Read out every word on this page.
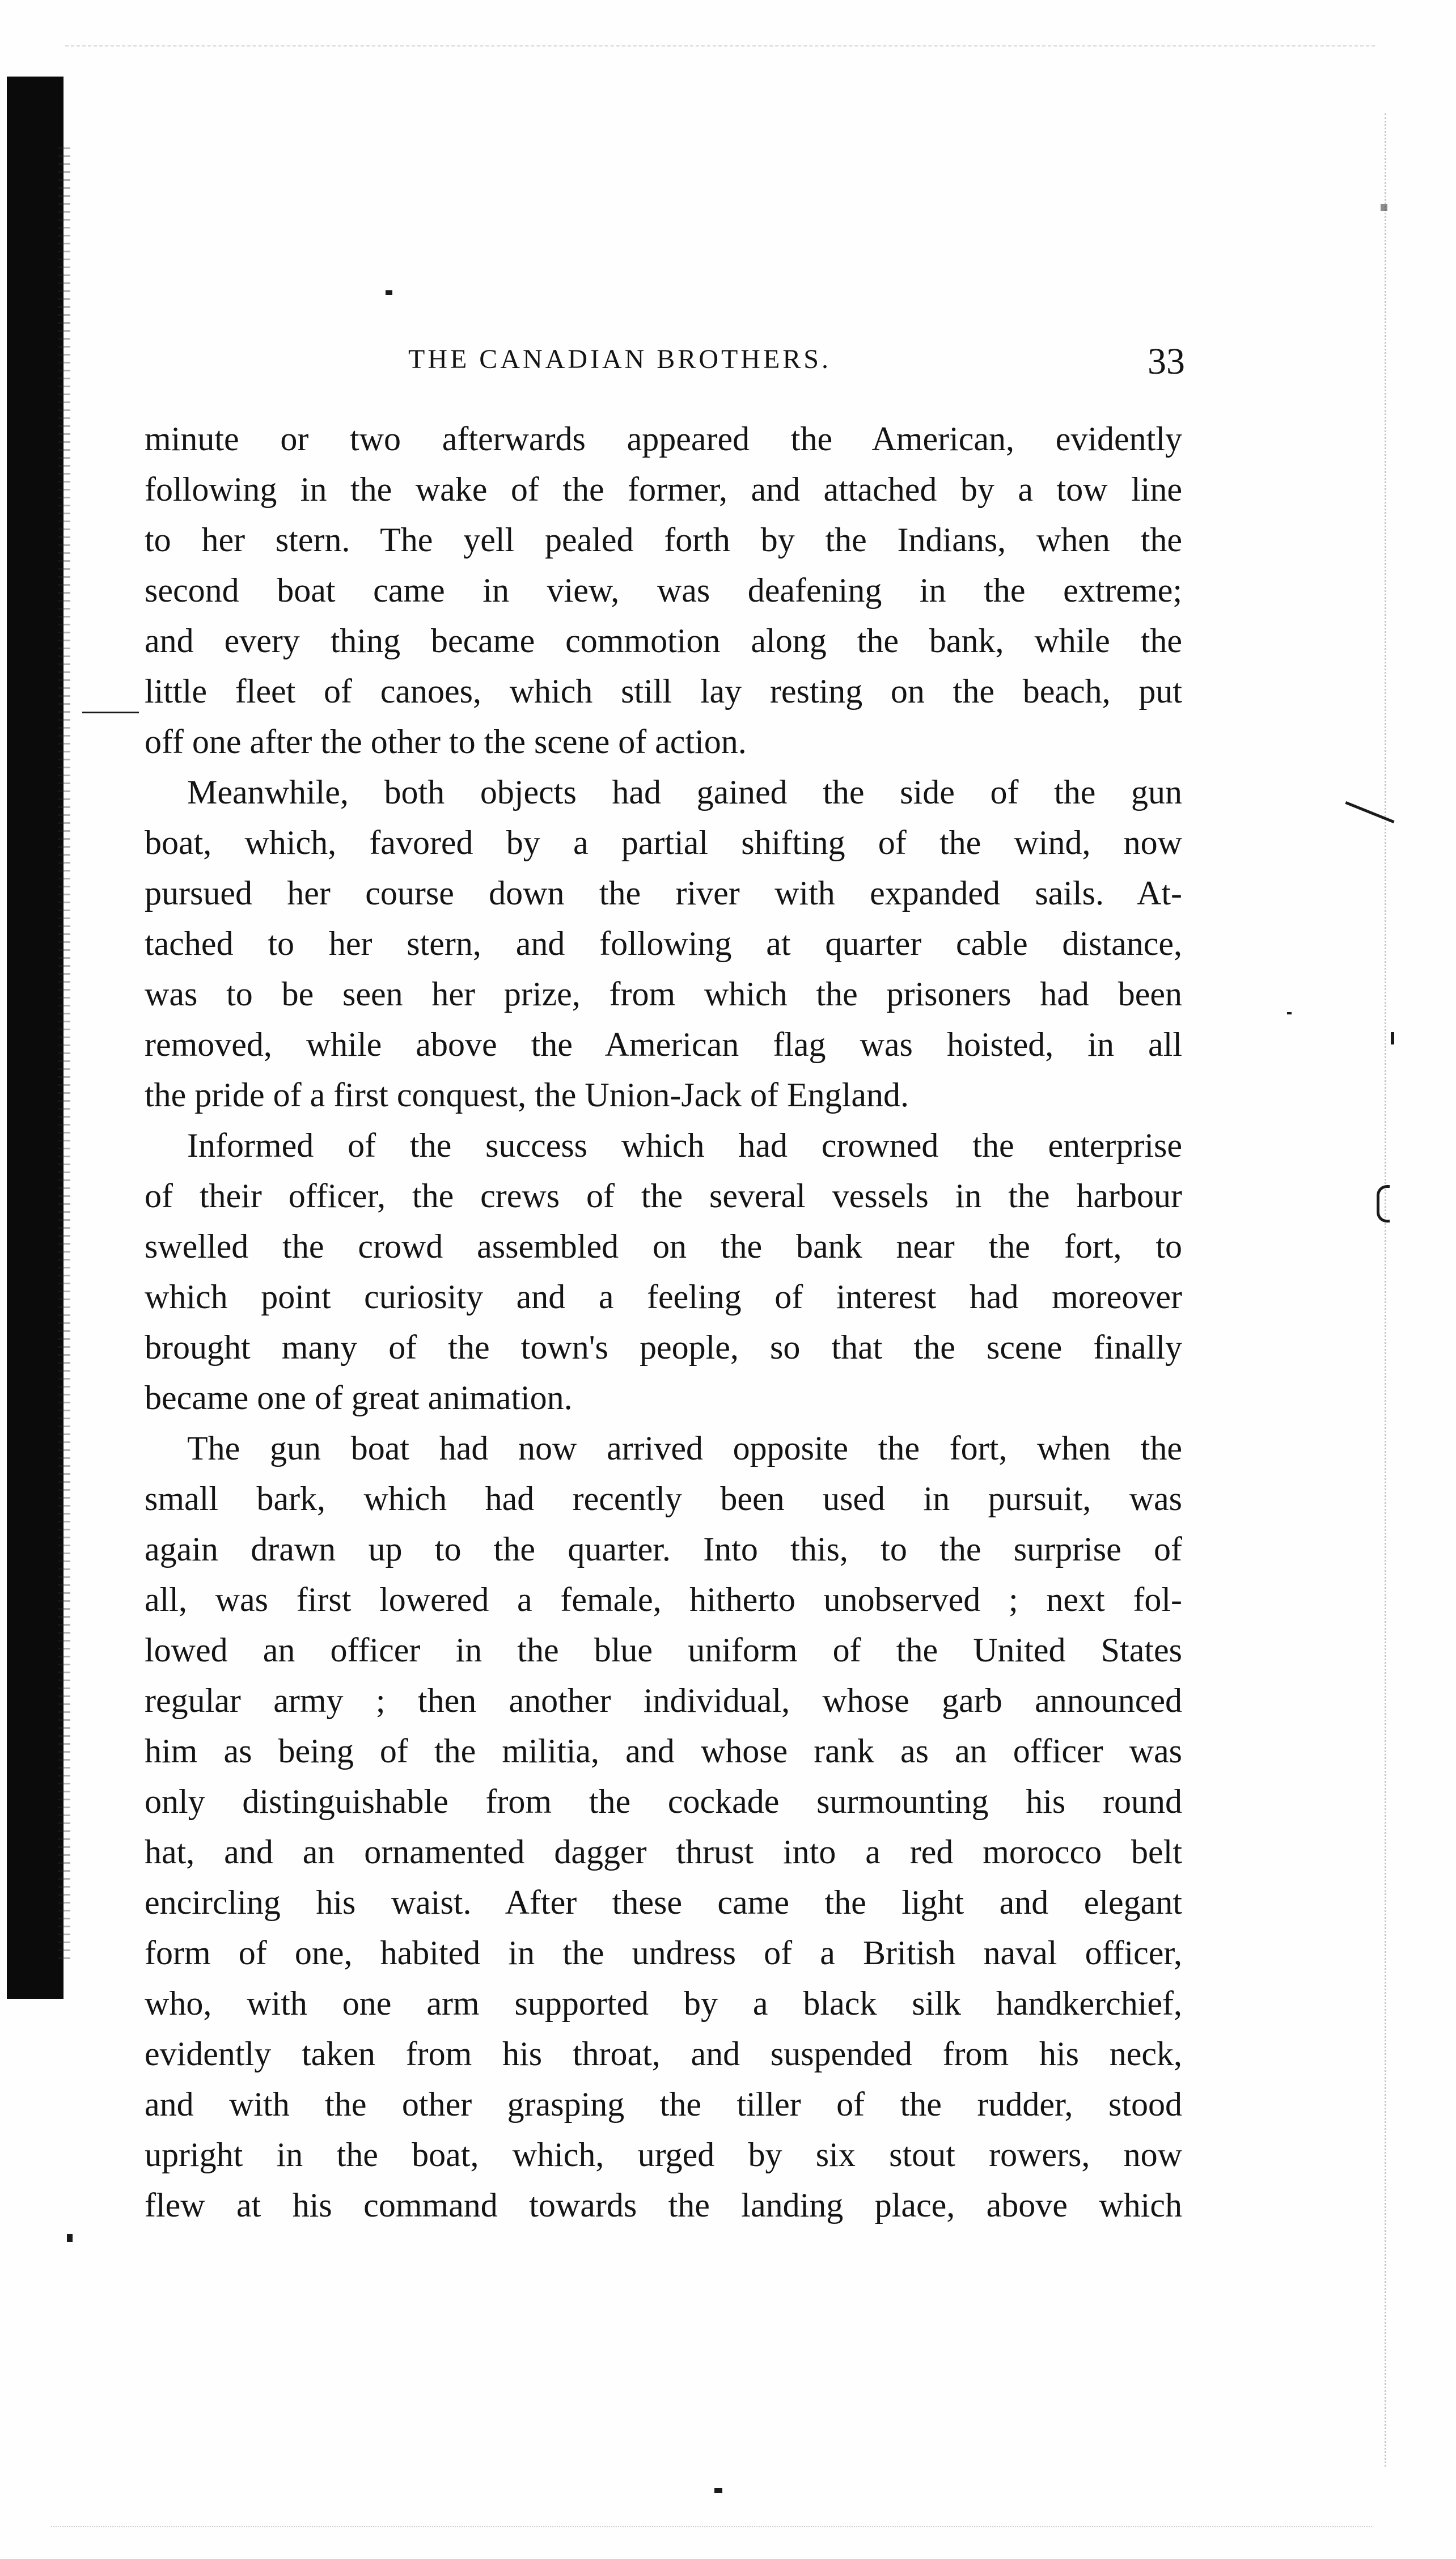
THE CANADIAN BROTHERS.	33
minute or two afterwards appeared the American, evidently
following in the wake of the former, and attached by a tow line
to her stern. The yell pealed forth by the Indians, when the
second boat came in view, was deafening in the extreme;
and every thing became commotion along the bank, while the
little fleet of canoes, which still lay resting on the beach, put
off one after the other to the scene of action.
Meanwhile, both objects had gained the side of the gun
boat, which, favored by a partial shifting of the wind, now
pursued her course down the river with expanded sails. At-
tached to her stern, and following at quarter cable distance,
was to be seen her prize, from which the prisoners had been
removed, while above the American flag was hoisted, in all
the pride of a first conquest, the Union-Jack of England.
Informed of the success which had crowned the enterprise
of their officer, the crews of the several vessels in the harbour
swelled the crowd assembled on the bank near the fort, to
which point curiosity and a feeling of interest had moreover
brought many of the town's people, so that the scene finally
became one of great animation.
The gun boat had now arrived opposite the fort, when the
small bark, which had recently been used in pursuit, was
again drawn up to the quarter. Into this, to the surprise of
all, was first lowered a female, hitherto unobserved ; next fol-
lowed an officer in the blue uniform of the United States
regular army ; then another individual, whose garb announced
him as being of the militia, and whose rank as an officer was
only distinguishable from the cockade surmounting his round
hat, and an ornamented dagger thrust into a red morocco belt
encircling his waist. After these came the light and elegant
form of one, habited in the undress of a British naval officer,
who, with one arm supported by a black silk handkerchief,
evidently taken from his throat, and suspended from his neck,
and with the other grasping the tiller of the rudder, stood
upright in the boat, which, urged by six stout rowers, now
flew at his command towards the landing place, above which
